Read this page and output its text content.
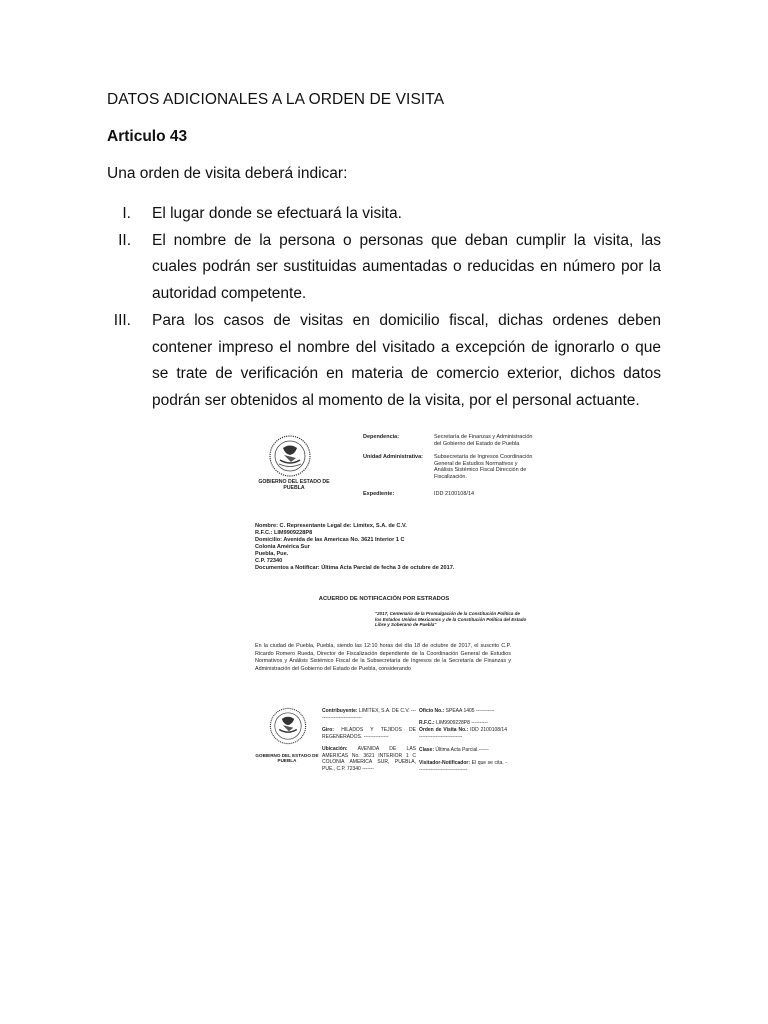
DATOS ADICIONALES A LA ORDEN DE VISITA
Articulo 43
Una orden de visita deberá indicar:
I. El lugar donde se efectuará la visita.

II. El nombre de la persona o personas que deban cumplir la visita, las cuales podrán ser sustituidas aumentadas o reducidas en número por la autoridad competente.

III. Para los casos de visitas en domicilio fiscal, dichas ordenes deben contener impreso el nombre del visitado a excepción de ignorarlo o que se trate de verificación en materia de comercio exterior, dichos datos podrán ser obtenidos al momento de la visita, por el personal actuante.

GOBIERNO DEL ESTADO DE PUEBLA
Dependencia:	Secretaría de Finanzas y Administración del Gobierno del Estado de Puebla
Unidad Administrativa:	Subsecretaría de Ingresos Coordinación General de Estudios Normativos y Análisis Sistémico Fiscal Dirección de Fiscalización.
Expediente:	IDD 2100108/14
Nombre: C. Representante Legal de: Limitex, S.A. de C.V.
R.F.C.: LIM9909228P8
Domicilio: Avenida de las Americas No. 3621 Interior 1 C
Colonia América Sur
Puebla, Pue.
C.P. 72340
Documentos a Notificar: Última Acta Parcial de fecha 3 de octubre de 2017.
ACUERDO DE NOTIFICACIÓN POR ESTRADOS
"2017, Centenario de la Promulgación de la Constitución Política de los Estados Unidos Mexicanos y de la Constitución Política del Estado Libre y Soberano de Puebla"
En la ciudad de Puebla, Puebla, siendo las 12:10 horas del día 18 de octubre de 2017, el suscrito C.P. Ricardo Romero Rueda, Director de Fiscalización dependiente de la Coordinación General de Estudios Normativos y Análisis Sistémico Fiscal de la Subsecretaría de Ingresos de la Secretaría de Finanzas y Administración del Gobierno del Estado de Puebla, considerando
GOBIERNO DEL ESTADO DE PUEBLA
Contribuyente: LIMITEX, S.A. DE C.V. ---------------------------
Giro: HILADOS Y TEJIDOS DE REGENERADOS. ---------------
Ubicación: AVENIDA DE LAS AMERICAS No. 3621 INTERIOR 1 C COLONIA AMERICA SUR, PUEBLA, PUE., C.P. 72340 -------
Oficio No.: SPEAA 1405 -----------
R.F.C.: LIM9909228P8 ----------
Orden de Visita No.: IDD 2100108/14 --------------------------
Clase: Última Acta Parcial.------
Visitador-Notificador: El que se cita. ------------------------------
